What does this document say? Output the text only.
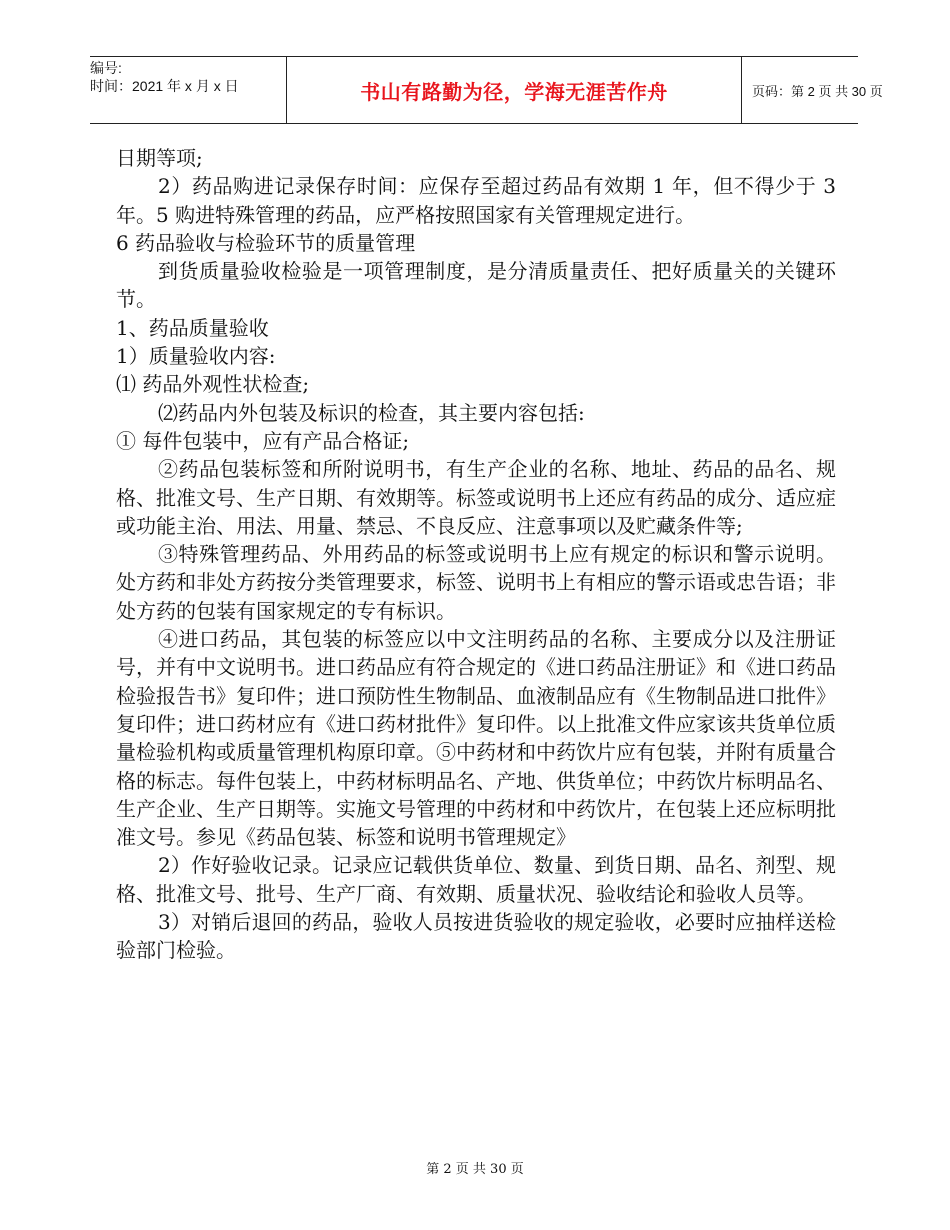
编号:
时间：2021 年 x 月 x 日	书山有路勤为径，学海无涯苦作舟	页码：第 2 页 共 30 页

日期等项;

2）药品购进记录保存时间：应保存至超过药品有效期 1 年，但不得少于 3 年。5 购进特殊管理的药品，应严格按照国家有关管理规定进行。

6 药品验收与检验环节的质量管理

到货质量验收检验是一项管理制度，是分清质量责任、把好质量关的关键环节。

1、药品质量验收

1）质量验收内容:

⑴ 药品外观性状检查;

⑵药品内外包装及标识的检查，其主要内容包括:

① 每件包装中，应有产品合格证;

②药品包装标签和所附说明书，有生产企业的名称、地址、药品的品名、规格、批准文号、生产日期、有效期等。标签或说明书上还应有药品的成分、适应症或功能主治、用法、用量、禁忌、不良反应、注意事项以及贮藏条件等;

③特殊管理药品、外用药品的标签或说明书上应有规定的标识和警示说明。处方药和非处方药按分类管理要求，标签、说明书上有相应的警示语或忠告语；非处方药的包装有国家规定的专有标识。

④进口药品，其包装的标签应以中文注明药品的名称、主要成分以及注册证号，并有中文说明书。进口药品应有符合规定的《进口药品注册证》和《进口药品检验报告书》复印件；进口预防性生物制品、血液制品应有《生物制品进口批件》复印件；进口药材应有《进口药材批件》复印件。以上批准文件应家该共货单位质量检验机构或质量管理机构原印章。⑤中药材和中药饮片应有包装，并附有质量合格的标志。每件包装上，中药材标明品名、产地、供货单位；中药饮片标明品名、生产企业、生产日期等。实施文号管理的中药材和中药饮片，在包装上还应标明批准文号。参见《药品包装、标签和说明书管理规定》

2）作好验收记录。记录应记载供货单位、数量、到货日期、品名、剂型、规格、批准文号、批号、生产厂商、有效期、质量状况、验收结论和验收人员等。

3）对销后退回的药品，验收人员按进货验收的规定验收，必要时应抽样送检验部门检验。

第 2 页 共 30 页
